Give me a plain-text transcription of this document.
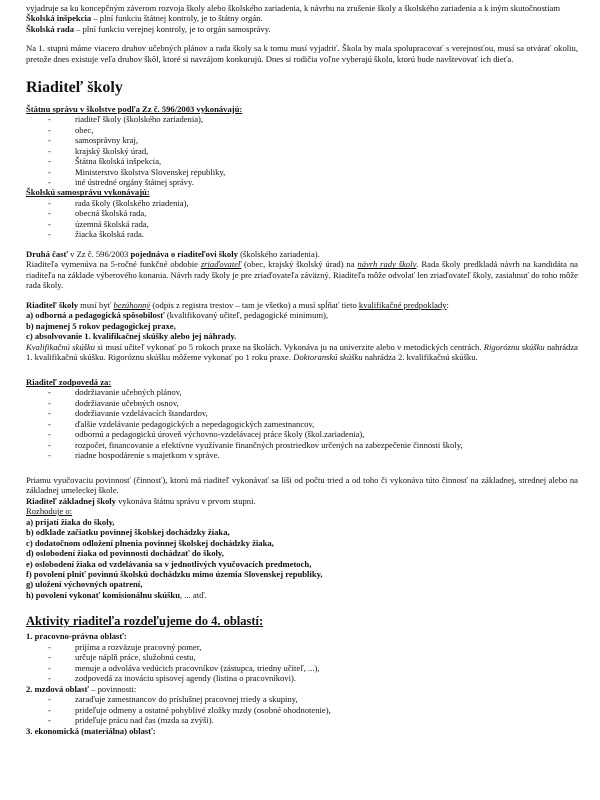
vyjadruje sa ku koncepčným záverom rozvoja školy alebo školského zariadenia, k návrhu na zrušenie školy a školského zariadenia a k iným skutočnostiam

Školská inšpekcia – plní funkciu štátnej kontroly, je to štátny orgán.

Školská rada – plní funkciu verejnej kontroly, je to orgán samosprávy.

Na 1. stupni máme viacero druhov učebných plánov a rada školy sa k tomu musí vyjadriť. Škola by mala spolupracovať s verejnosťou, musí sa otvárať okoliu, pretože dnes existuje veľa druhov škôl, ktoré si navzájom konkurujú. Dnes si rodičia voľne vyberajú školu, ktorú bude navštevovať ich dieťa.

Riaditeľ školy

Štátnu správu v školstve podľa Zz č. 596/2003 vykonávajú:

- riaditeľ školy (školského zariadenia),
- obec,
- samosprávny kraj,
- krajský školský úrad,
- Štátna školská inšpekcia,
- Ministerstvo školstva Slovenskej republiky,
- iné ústredné orgány štátnej správy.

Školskú samosprávu vykonávajú:

- rada školy (školského zriadenia),
- obecná školská rada,
- územná školská rada,
- žiacka školská rada.

Druhá časť v Zz č. 596/2003 pojednáva o riaditeľovi školy (školského zariadenia).

Riaditeľa vymenúva na 5-ročné funkčné obdobie zriaďovateľ (obec, krajský školský úrad) na návrh rady školy. Rada školy predkladá návrh na kandidáta na riaditeľa na základe výberového konania. Návrh rady školy je pre zriaďovateľa záväzný. Riaditeľa môže odvolať len zriaďovateľ školy, zasiahnuť do toho môže rada školy.

Riaditeľ školy musí byť bezúhonný (odpis z registra trestov – tam je všetko) a musí spĺňať tieto kvalifikačné predpoklady:

a) odborná a pedagogická spôsobilosť (kvalifikovaný učiteľ, pedagogické minimum),

b) najmenej 5 rokov pedagogickej praxe,

c) absolvovanie 1. kvalifikačnej skúšky alebo jej náhrady.

Kvalifikačnú skúšku si musí učiteľ vykonať po 5 rokoch praxe na školách. Vykonáva ju na univerzite alebo v metodických centrách. Rigoróznu skúšku nahrádza 1. kvalifikačnú skúšku. Rigoróznu skúšku môžeme vykonať po 1 roku praxe. Doktoranskú skúšku nahrádza 2. kvalifikačnú skúšku.

Riaditeľ zodpovedá za:

- dodržiavanie učebných plánov,
- dodržiavanie učebných osnov,
- dodržiavanie vzdelávacích štandardov,
- ďalšie vzdelávanie pedagogických a nepedagogických zamestnancov,
- odbornú a pedagogickú úroveň výchovno-vzdelávacej práce školy (škol.zariadenia),
- rozpočet, financovanie a efektívne využívanie finančných prostriedkov určených na zabezpečenie činnosti školy,
- riadne hospodárenie s majetkom v správe.

Priamu vyučovaciu povinnosť (činnosť), ktorú má riaditeľ vykonávať sa líši od počtu tried a od toho či vykonáva túto činnosť na základnej, strednej alebo na základnej umeleckej škole.

Riaditeľ základnej školy vykonáva štátnu správu v prvom stupni.

Rozhoduje o:

a) prijatí žiaka do školy,

b) odklade začiatku povinnej školskej dochádzky žiaka,

c) dodatočnom odložení plnenia povinnej školskej dochádzky žiaka,

d) oslobodení žiaka od povinnosti dochádzať do školy,

e) oslobodení žiaka od vzdelávania sa v jednotlivých vyučovacích predmetoch,

f) povolení plniť povinnú školskú dochádzku mimo územia Slovenskej republiky,

g) uložení výchovných opatrení,

h) povolení vykonať komisionálnu skúšku, ... atď.

Aktivity riaditeľa rozdeľujeme do 4. oblastí:

1. pracovno-právna oblasť:

- prijíma a rozväzuje pracovný pomer,
- určuje náplň práce, služobnú cestu,
- menuje a odvoláva vedúcich pracovníkov (zástupca, triedny učiteľ, ...),
- zodpovedá za inováciu spisovej agendy (listina o pracovníkovi).

2. mzdová oblasť – povinnosti:

- zaraďuje zamestnancov do príslušnej pracovnej triedy a skupiny,
- prideľuje odmeny a ostatné pohyblivé zložky mzdy (osobné ohodnotenie),
- prideľuje prácu nad čas (mzda sa zvýši).

3. ekonomická (materiálna) oblasť:
